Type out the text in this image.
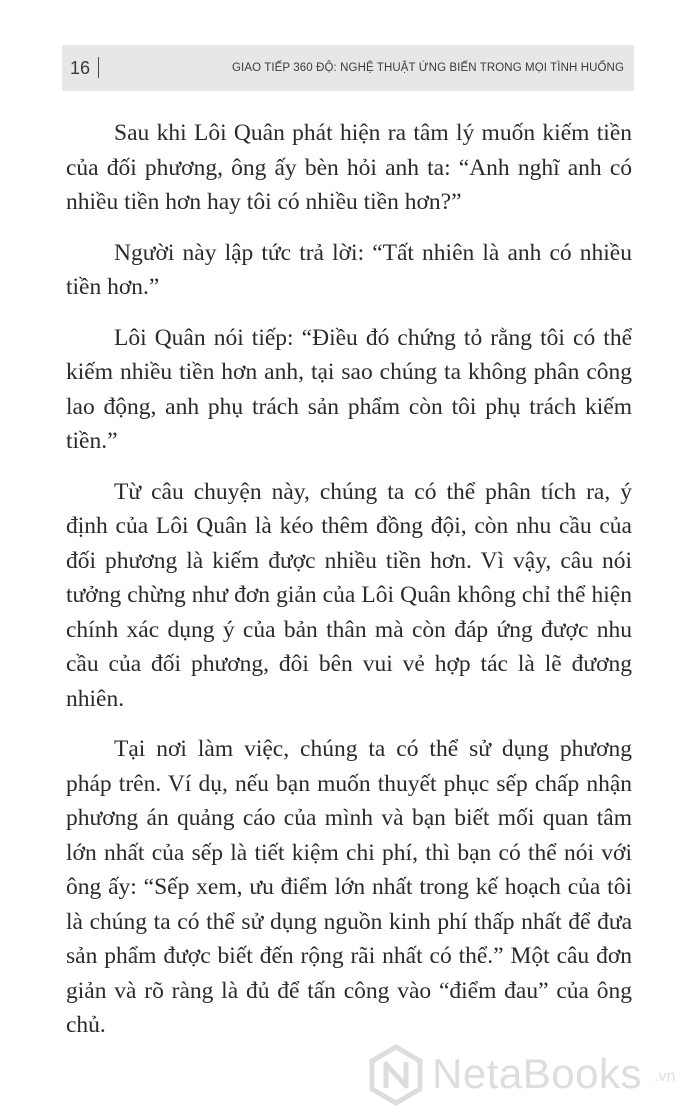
16	GIAO TIẾP 360 ĐỘ: NGHỆ THUẬT ỨNG BIẾN TRONG MỌI TÌNH HUỐNG

Sau khi Lôi Quân phát hiện ra tâm lý muốn kiếm tiền của đối phương, ông ấy bèn hỏi anh ta: “Anh nghĩ anh có nhiều tiền hơn hay tôi có nhiều tiền hơn?”

Người này lập tức trả lời: “Tất nhiên là anh có nhiều tiền hơn.”

Lôi Quân nói tiếp: “Điều đó chứng tỏ rằng tôi có thể kiếm nhiều tiền hơn anh, tại sao chúng ta không phân công lao động, anh phụ trách sản phẩm còn tôi phụ trách kiếm tiền.”

Từ câu chuyện này, chúng ta có thể phân tích ra, ý định của Lôi Quân là kéo thêm đồng đội, còn nhu cầu của đối phương là kiếm được nhiều tiền hơn. Vì vậy, câu nói tưởng chừng như đơn giản của Lôi Quân không chỉ thể hiện chính xác dụng ý của bản thân mà còn đáp ứng được nhu cầu của đối phương, đôi bên vui vẻ hợp tác là lẽ đương nhiên.

Tại nơi làm việc, chúng ta có thể sử dụng phương pháp trên. Ví dụ, nếu bạn muốn thuyết phục sếp chấp nhận phương án quảng cáo của mình và bạn biết mối quan tâm lớn nhất của sếp là tiết kiệm chi phí, thì bạn có thể nói với ông ấy: “Sếp xem, ưu điểm lớn nhất trong kế hoạch của tôi là chúng ta có thể sử dụng nguồn kinh phí thấp nhất để đưa sản phẩm được biết đến rộng rãi nhất có thể.” Một câu đơn giản và rõ ràng là đủ để tấn công vào “điểm đau” của ông chủ.

NetaBooks .vn
